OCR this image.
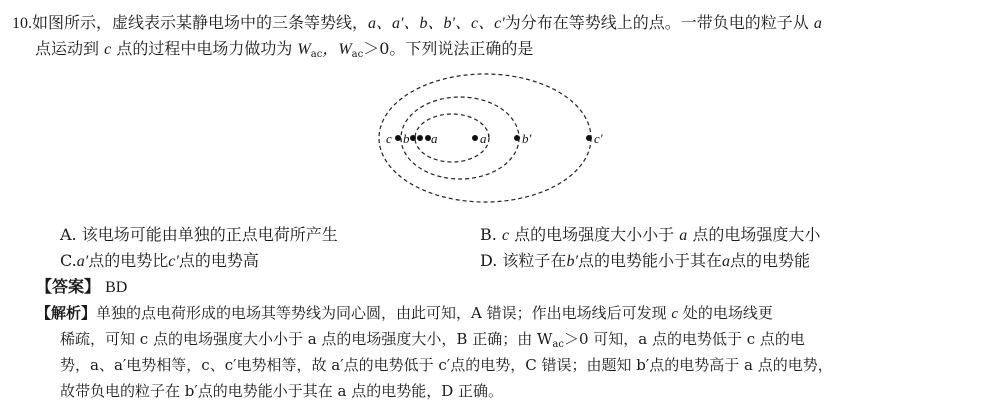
10.如图所示，虚线表示某静电场中的三条等势线，a、a′、b、b′、c、c′为分布在等势线上的点。一带负电的粒子从 a
点运动到 c 点的过程中电场力做功为 $W_{ac}$，$W_{ac}>0$。下列说法正确的是
c b a	a′	b′	c′
A. 该电场可能由单独的正点电荷所产生	B. c 点的电场强度大小小于 a 点的电场强度大小
C.a′点的电势比c′点的电势高	D. 该粒子在b′点的电势能小于其在a点的电势能
【答案】 BD
【解析】单独的点电荷形成的电场其等势线为同心圆，由此可知，A 错误；作出电场线后可发现 c 处的电场线更
稀疏，可知 c 点的电场强度大小小于 a 点的电场强度大小，B 正确；由 $W_{ac}>0$ 可知，a 点的电势低于 c 点的电
势，a、a′电势相等，c、c′电势相等，故 a′点的电势低于 c′点的电势，C 错误；由题知 b′点的电势高于 a 点的电势，
故带负电的粒子在 b′点的电势能小于其在 a 点的电势能，D 正确。
